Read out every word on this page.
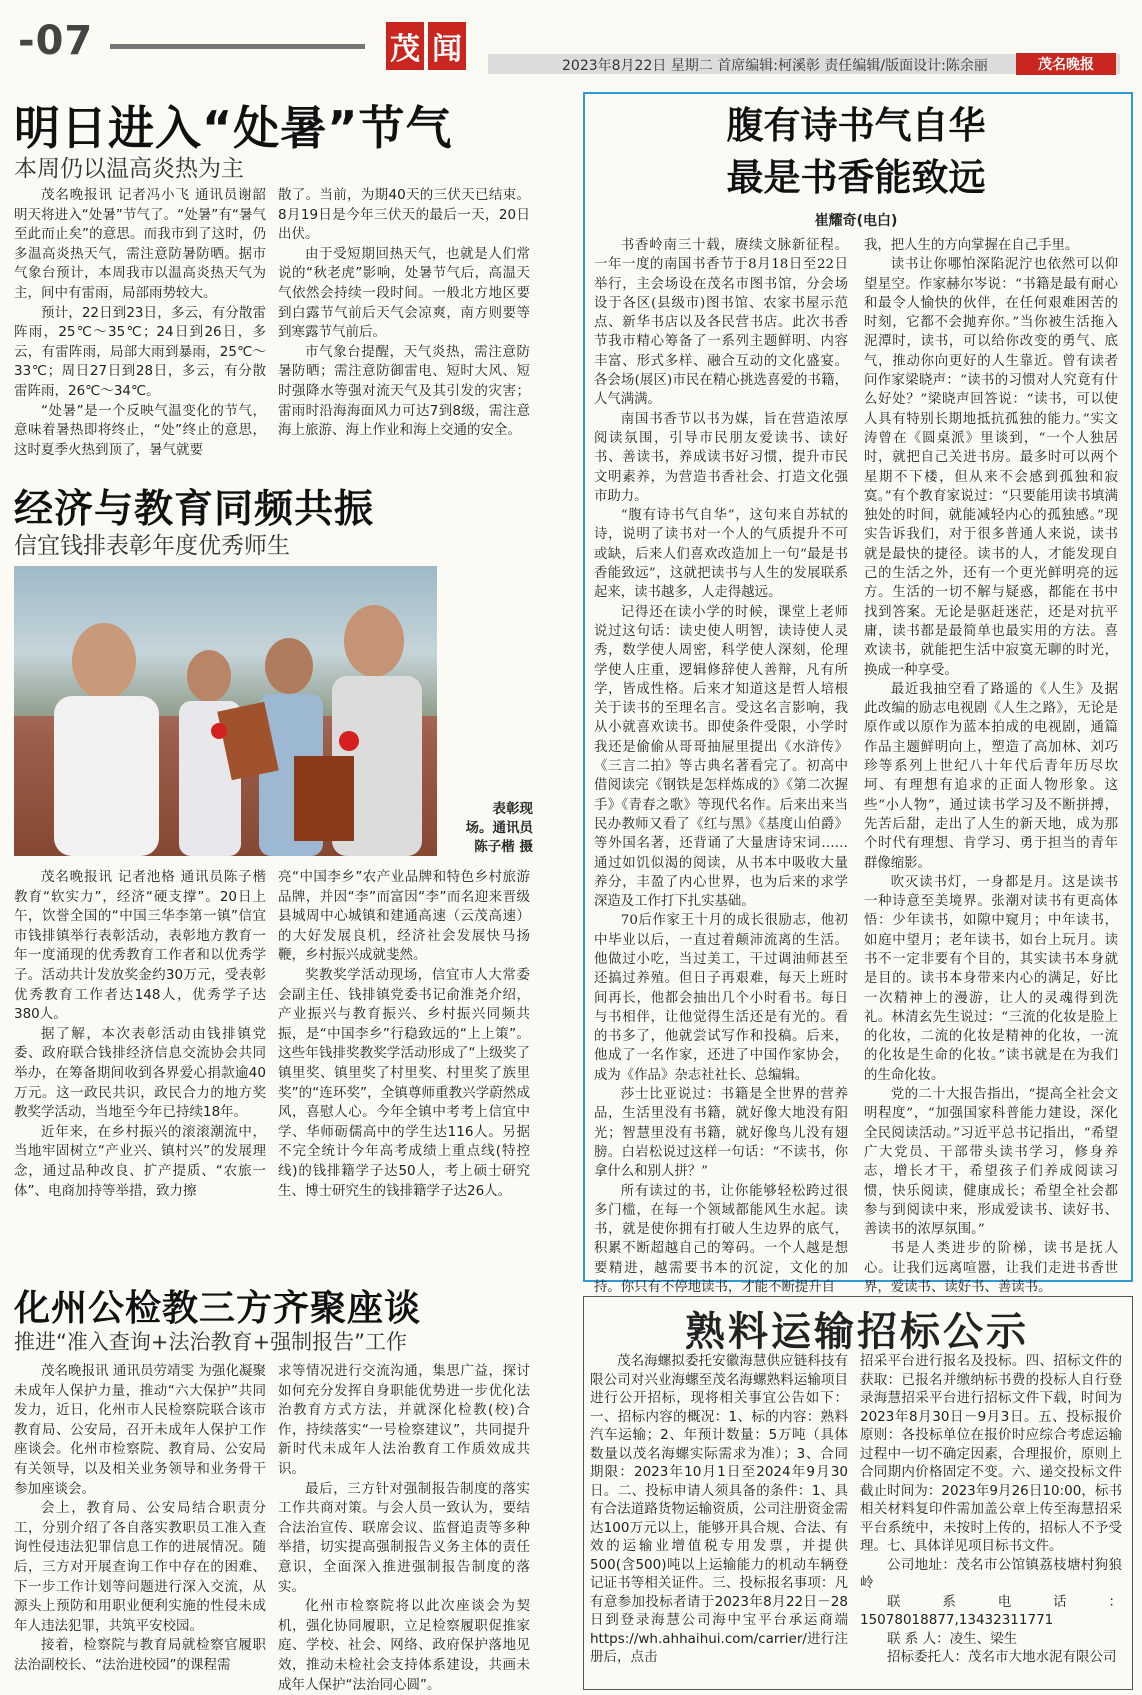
-07	茂 闻	2023年8月22日 星期二 首席编辑:柯溪彰 责任编辑/版面设计:陈余丽	茂名晚报
明日进入“处暑”节气
本周仍以温高炎热为主

茂名晚报讯 记者冯小飞 通讯员谢韶 明天将进入“处暑”节气了。“处暑”有“暑气至此而止矣”的意思。而我市到了这时，仍多温高炎热天气，需注意防暑防晒。据市气象台预计，本周我市以温高炎热天气为主，间中有雷雨，局部雨势较大。

预计，22日到23日，多云，有分散雷阵雨，25℃～35℃；24日到26日，多云，有雷阵雨，局部大雨到暴雨，25℃～33℃；周日27日到28日，多云，有分散雷阵雨，26℃～34℃。

“处暑”是一个反映气温变化的节气，意味着暑热即将终止，“处”终止的意思，这时夏季火热到顶了，暑气就要

散了。当前，为期40天的三伏天已结束。8月19日是今年三伏天的最后一天，20日出伏。

由于受短期回热天气，也就是人们常说的“秋老虎”影响，处暑节气后，高温天气依然会持续一段时间。一般北方地区要到白露节气前后天气会凉爽，南方则要等到寒露节气前后。

市气象台提醒，天气炎热，需注意防暑防晒；需注意防御雷电、短时大风、短时强降水等强对流天气及其引发的灾害；雷雨时沿海海面风力可达7到8级，需注意海上旅游、海上作业和海上交通的安全。

经济与教育同频共振
信宜钱排表彰年度优秀师生
表彰现
场。通讯员
陈子楷 摄

茂名晚报讯 记者池格 通讯员陈子楷 教育“软实力”，经济“硬支撑”。20日上午，饮誉全国的“中国三华李第一镇”信宜市钱排镇举行表彰活动，表彰地方教育一年一度涌现的优秀教育工作者和以优秀学子。活动共计发放奖金约30万元，受表彰优秀教育工作者达148人，优秀学子达380人。

据了解，本次表彰活动由钱排镇党委、政府联合钱排经济信息交流协会共同举办，在筹备期间收到各界爱心捐款逾40万元。这一政民共识，政民合力的地方奖教奖学活动，当地至今年已持续18年。

近年来，在乡村振兴的滚滚潮流中，当地牢固树立“产业兴、镇村兴”的发展理念，通过品种改良、扩产提质、“农旅一体”、电商加持等举措，致力擦

亮“中国李乡”农产业品牌和特色乡村旅游品牌，并因“李”而富因“李”而名迎来晋级县城周中心城镇和建通高速（云茂高速）的大好发展良机，经济社会发展快马扬鞭，乡村振兴成就斐然。

奖教奖学活动现场，信宜市人大常委会副主任、钱排镇党委书记俞淮尧介绍，产业振兴与教育振兴、乡村振兴同频共振，是“中国李乡”行稳致远的“上上策”。这些年钱排奖教奖学活动形成了“上级奖了镇里奖、镇里奖了村里奖、村里奖了族里奖”的“连环奖”，全镇尊师重教兴学蔚然成风，喜慰人心。今年全镇中考考上信宜中学、华师砺儒高中的学生达116人。另据不完全统计今年高考成绩上重点线(特控线)的钱排籍学子达50人，考上硕士研究生、博士研究生的钱排籍学子达26人。

化州公检教三方齐聚座谈
推进“准入查询+法治教育+强制报告”工作

茂名晚报讯 通讯员劳靖雯 为强化凝聚未成年人保护力量，推动“六大保护”共同发力，近日，化州市人民检察院联合该市教育局、公安局，召开未成年人保护工作座谈会。化州市检察院、教育局、公安局有关领导，以及相关业务领导和业务骨干参加座谈会。

会上，教育局、公安局结合职责分工，分别介绍了各自落实教职员工准入查询性侵违法犯罪信息工作的进展情况。随后，三方对开展查询工作中存在的困难、下一步工作计划等问题进行深入交流，从源头上预防和用职业便利实施的性侵未成年人违法犯罪，共筑平安校园。

接着，检察院与教育局就检察官履职法治副校长、“法治进校园”的课程需

求等情况进行交流沟通，集思广益，探讨如何充分发挥自身职能优势进一步优化法治教育方式方法，并就深化检教(校)合作，持续落实“一号检察建议”，共同提升新时代未成年人法治教育工作质效成共识。

最后，三方针对强制报告制度的落实工作共商对策。与会人员一致认为，要结合法治宣传、联席会议、监督追责等多种举措，切实提高强制报告义务主体的责任意识，全面深入推进强制报告制度的落实。

化州市检察院将以此次座谈会为契机，强化协同履职，立足检察履职促推家庭、学校、社会、网络、政府保护落地见效，推动未检社会支持体系建设，共画未成年人保护“法治同心圆”。

腹有诗书气自华
最是书香能致远
崔耀奇(电白)

书香岭南三十载，赓续文脉新征程。一年一度的南国书香节于8月18日至22日举行，主会场设在茂名市图书馆，分会场设于各区(县级市)图书馆、农家书屋示范点、新华书店以及各民营书店。此次书香节我市精心筹备了一系列主题鲜明、内容丰富、形式多样、融合互动的文化盛宴。各会场(展区)市民在精心挑选喜爱的书籍，人气满满。

南国书香节以书为媒，旨在营造浓厚阅读氛围，引导市民朋友爱读书、读好书、善读书，养成读书好习惯，提升市民文明素养，为营造书香社会、打造文化强市助力。

“腹有诗书气自华”，这句来自苏轼的诗，说明了读书对一个人的气质提升不可或缺，后来人们喜欢改造加上一句“最是书香能致远”，这就把读书与人生的发展联系起来，读书越多，人走得越远。

记得还在读小学的时候，课堂上老师说过这句话：读史使人明智，读诗使人灵秀，数学使人周密，科学使人深刻，伦理学使人庄重，逻辑修辞使人善辩，凡有所学，皆成性格。后来才知道这是哲人培根关于读书的至理名言。受这名言影响，我从小就喜欢读书。即使条件受限，小学时我还是偷偷从哥哥抽屉里提出《水浒传》《三言二拍》等古典名著看完了。初高中借阅读完《钢铁是怎样炼成的》《第二次握手》《青春之歌》等现代名作。后来出来当民办教师又看了《红与黑》《基度山伯爵》等外国名著，还背诵了大量唐诗宋词……通过如饥似渴的阅读，从书本中吸收大量养分，丰盈了内心世界，也为后来的求学深造及工作打下扎实基础。

70后作家王十月的成长很励志，他初中毕业以后，一直过着颠沛流离的生活。他做过小吃，当过美工，干过调油师甚至还搞过养殖。但日子再艰难，每天上班时间再长，他都会抽出几个小时看书。每日与书相伴，让他觉得生活还是有光的。看的书多了，他就尝试写作和投稿。后来，他成了一名作家，还进了中国作家协会，成为《作品》杂志社社长、总编辑。

莎士比亚说过：书籍是全世界的营养品，生活里没有书籍，就好像大地没有阳光；智慧里没有书籍，就好像鸟儿没有翅膀。白岩松说过这样一句话：“不读书，你拿什么和别人拼？”

所有读过的书，让你能够轻松跨过很多门槛，在每一个领域都能风生水起。读书，就是使你拥有打破人生边界的底气，积累不断超越自己的筹码。一个人越是想要精进，越需要书本的沉淀，文化的加持。你只有不停地读书，才能不断提升自

我，把人生的方向掌握在自己手里。

读书让你哪怕深陷泥泞也依然可以仰望星空。作家赫尔岑说：“书籍是最有耐心和最令人愉快的伙伴，在任何艰难困苦的时刻，它都不会抛弃你。”当你被生活拖入泥潭时，读书，可以给你改变的勇气、底气，推动你向更好的人生靠近。曾有读者问作家梁晓声：“读书的习惯对人究竟有什么好处？”梁晓声回答说：“读书，可以使人具有特别长期地抵抗孤独的能力。”实文涛曾在《圆桌派》里谈到，“一个人独居时，就把自己关进书房。最多时可以两个星期不下楼，但从来不会感到孤独和寂寞。”有个教育家说过：“只要能用读书填满独处的时间，就能减轻内心的孤独感。”现实告诉我们，对于很多普通人来说，读书就是最快的捷径。读书的人，才能发现自己的生活之外，还有一个更光鲜明亮的远方。生活的一切不解与疑惑，都能在书中找到答案。无论是驱赶迷茫，还是对抗平庸，读书都是最简单也最实用的方法。喜欢读书，就能把生活中寂寞无聊的时光，换成一种享受。

最近我抽空看了路遥的《人生》及据此改编的励志电视剧《人生之路》，无论是原作或以原作为蓝本拍成的电视剧，通篇作品主题鲜明向上，塑造了高加林、刘巧珍等系列上世纪八十年代后青年历尽坎坷、有理想有追求的正面人物形象。这些“小人物”，通过读书学习及不断拼搏，先苦后甜，走出了人生的新天地，成为那个时代有理想、肯学习、勇于担当的青年群像缩影。

吹灭读书灯，一身都是月。这是读书一种诗意至美境界。张潮对读书有更高体悟：少年读书，如隙中窥月；中年读书，如庭中望月；老年读书，如台上玩月。读书不一定非要有个目的，其实读书本身就是目的。读书本身带来内心的满足，好比一次精神上的漫游，让人的灵魂得到洗礼。林清玄先生说过：“三流的化妆是脸上的化妆，二流的化妆是精神的化妆，一流的化妆是生命的化妆。”读书就是在为我们的生命化妆。

党的二十大报告指出，“提高全社会文明程度”，“加强国家科普能力建设，深化全民阅读活动。”习近平总书记指出，“希望广大党员、干部带头读书学习，修身养志，增长才干，希望孩子们养成阅读习惯，快乐阅读，健康成长；希望全社会都参与到阅读中来，形成爱读书、读好书、善读书的浓厚氛围。”

书是人类进步的阶梯，读书是抚人心。让我们远离喧嚣，让我们走进书香世界，爱读书、读好书、善读书。

熟料运输招标公示

茂名海螺拟委托安徽海慧供应链科技有限公司对兴业海螺至茂名海螺熟料运输项目进行公开招标，现将相关事宜公告如下：一、招标内容的概况：1、标的内容：熟料汽车运输；2、年预计数量：5万吨（具体数量以茂名海螺实际需求为准）；3、合同期限：2023年10月1日至2024年9月30日。二、投标申请人须具备的条件：1、具有合法道路货物运输资质，公司注册资金需达100万元以上，能够开具合规、合法、有效的运输业增值税专用发票，并提供500(含500)吨以上运输能力的机动车辆登记证书等相关证件。三、投标报名事项：凡有意参加投标者请于2023年8月22日－28日到登录海慧公司海中宝平台承运商端https://wh.ahhaihui.com/carrier/进行注册后，点击

招采平台进行报名及投标。四、招标文件的获取：已报名并缴纳标书费的投标人自行登录海慧招采平台进行招标文件下载，时间为2023年8月30日－9月3日。五、投标报价原则：各投标单位在报价时应综合考虑运输过程中一切不确定因素，合理报价，原则上合同期内价格固定不变。六、递交投标文件截止时间为：2023年9月26日10:00，标书相关材料复印件需加盖公章上传至海慧招采平台系统中，未按时上传的，招标人不予受理。七、具体详见项目标书文件。

公司地址：茂名市公馆镇荔枝塘村狗狼岭

联系电话：15078018877,13432311771

联 系 人：凌生、梁生

招标委托人：茂名市大地水泥有限公司
